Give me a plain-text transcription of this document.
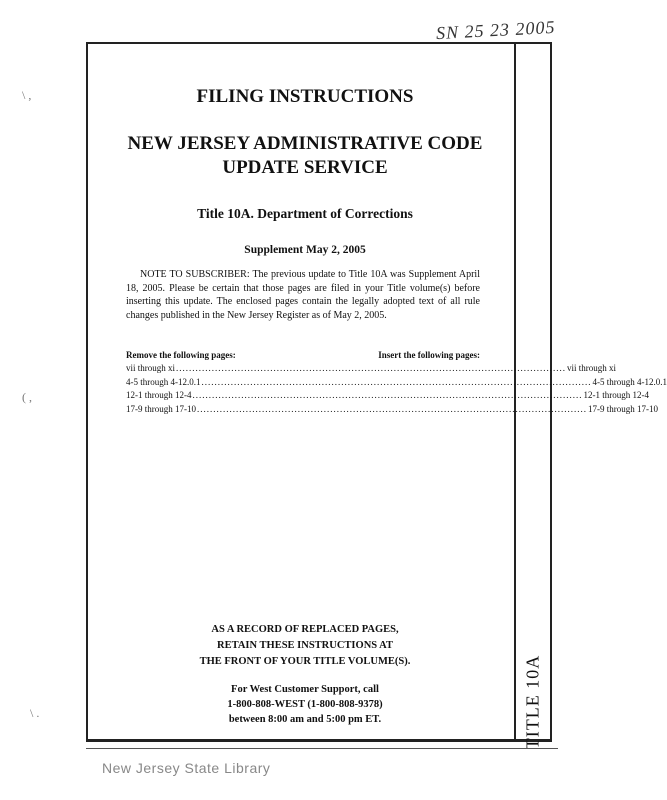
SN 25 23 2005
\ ,
( ,
\ .	TITLE 10A
FILING INSTRUCTIONS
NEW JERSEY ADMINISTRATIVE CODE
UPDATE SERVICE
Title 10A. Department of Corrections
Supplement May 2, 2005
NOTE TO SUBSCRIBER: The previous update to Title 10A was Supplement April 18, 2005. Please be certain that those pages are filed in your Title volume(s) before inserting this update. The enclosed pages contain the legally adopted text of all rule changes published in the New Jersey Register as of May 2, 2005.
Remove the following pages:	Insert the following pages:
vii through xi ........................................................................................................................ vii through xi
4-5 through 4-12.0.1 ........................................................................................................................ 4-5 through 4-12.0.1
12-1 through 12-4 ........................................................................................................................ 12-1 through 12-4
17-9 through 17-10 ........................................................................................................................ 17-9 through 17-10
AS A RECORD OF REPLACED PAGES,
RETAIN THESE INSTRUCTIONS AT
THE FRONT OF YOUR TITLE VOLUME(S).
For West Customer Support, call
1-800-808-WEST (1-800-808-9378)
between 8:00 am and 5:00 pm ET.
New Jersey State Library
